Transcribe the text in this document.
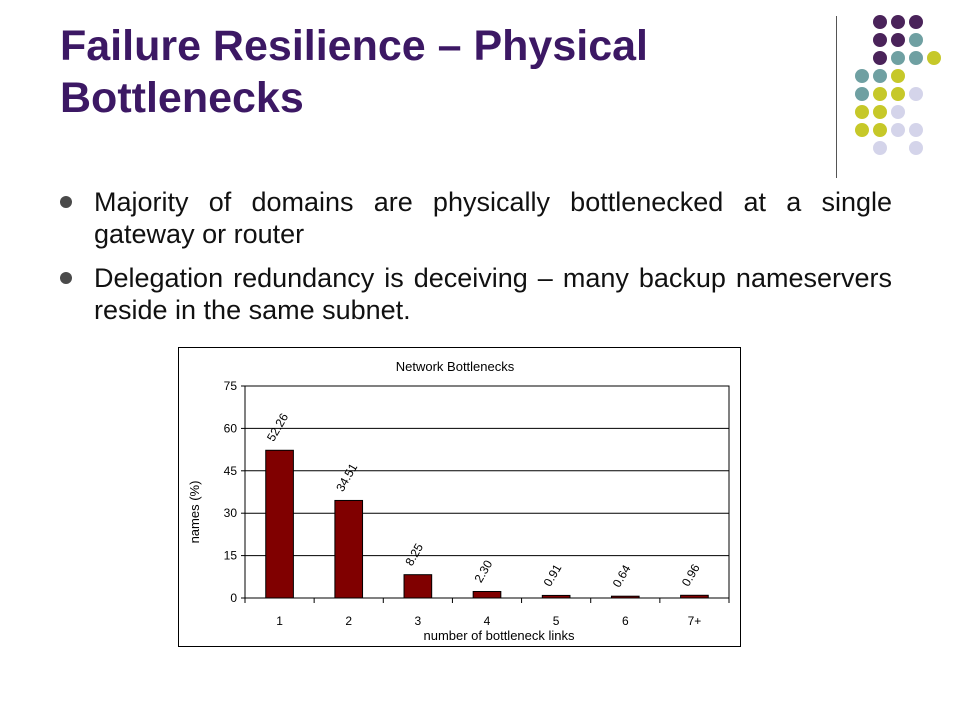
Failure Resilience – Physical Bottlenecks
Majority of domains are physically bottlenecked at a single gateway or router
Delegation redundancy is deceiving – many backup nameservers reside in the same subnet.
Network Bottlenecks
names (%)
number of bottleneck links
0
15
30
45
60
75
1
52.26
2
34.51
3
8.25
4
2.30
5
0.91
6
0.64
7+
0.96
